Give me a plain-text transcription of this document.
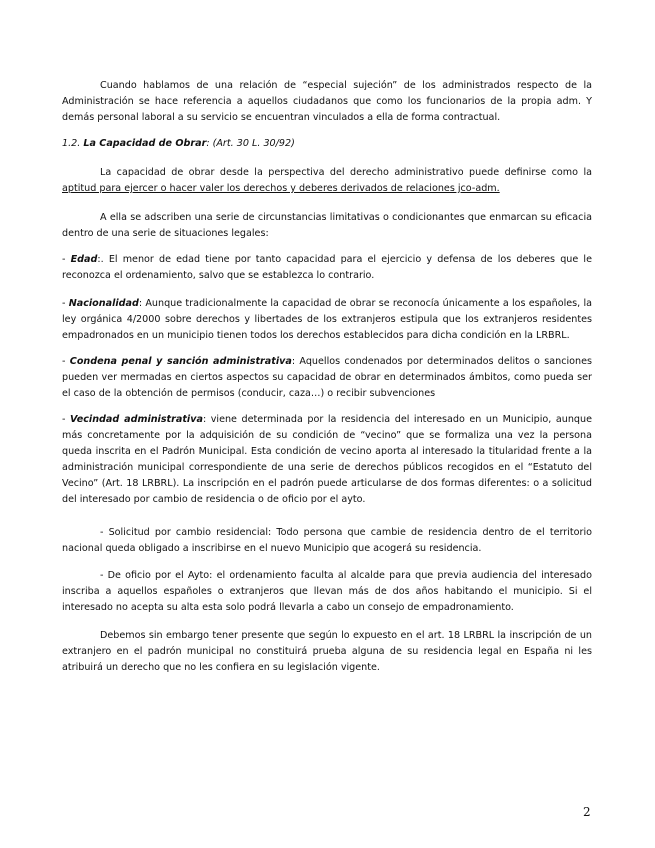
Cuando hablamos de una relación de “especial sujeción” de los administrados respecto de la Administración se hace referencia a aquellos ciudadanos que como los funcionarios de la propia adm. Y demás personal laboral a su servicio se encuentran vinculados a ella de forma contractual.

1.2. La Capacidad de Obrar: (Art. 30 L. 30/92)

La capacidad de obrar desde la perspectiva del derecho administrativo puede definirse como la aptitud para ejercer o hacer valer los derechos y deberes derivados de relaciones jco-adm.

A ella se adscriben una serie de circunstancias limitativas o condicionantes que enmarcan su eficacia dentro de una serie de situaciones legales:

- Edad:. El menor de edad tiene por tanto capacidad para el ejercicio y defensa de los deberes que le reconozca el ordenamiento, salvo que se establezca lo contrario.

- Nacionalidad: Aunque tradicionalmente la capacidad de obrar se reconocía únicamente a los españoles, la ley orgánica 4/2000 sobre derechos y libertades de los extranjeros estipula que los extranjeros residentes empadronados en un municipio tienen todos los derechos establecidos para dicha condición en la LRBRL.

- Condena penal y sanción administrativa: Aquellos condenados por determinados delitos o sanciones pueden ver mermadas en ciertos aspectos su capacidad de obrar en determinados ámbitos, como pueda ser el caso de la obtención de permisos (conducir, caza…) o recibir subvenciones

- Vecindad administrativa: viene determinada por la residencia del interesado en un Municipio, aunque más concretamente por la adquisición de su condición de “vecino” que se formaliza una vez la persona queda inscrita en el Padrón Municipal. Esta condición de vecino aporta al interesado la titularidad frente a la administración municipal correspondiente de una serie de derechos públicos recogidos en el “Estatuto del Vecino” (Art. 18 LRBRL). La inscripción en el padrón puede articularse de dos formas diferentes: o a solicitud del interesado por cambio de residencia o de oficio por el ayto.

- Solicitud por cambio residencial: Todo persona que cambie de residencia dentro de el territorio nacional queda obligado a inscribirse en el nuevo Municipio que acogerá su residencia.

- De oficio por el Ayto: el ordenamiento faculta al alcalde para que previa audiencia del interesado inscriba a aquellos españoles o extranjeros que llevan más de dos años habitando el municipio. Si el interesado no acepta su alta esta solo podrá llevarla a cabo un consejo de empadronamiento.

Debemos sin embargo tener presente que según lo expuesto en el art. 18 LRBRL la inscripción de un extranjero en el padrón municipal no constituirá prueba alguna de su residencia legal en España ni les atribuirá un derecho que no les confiera en su legislación vigente.

2
